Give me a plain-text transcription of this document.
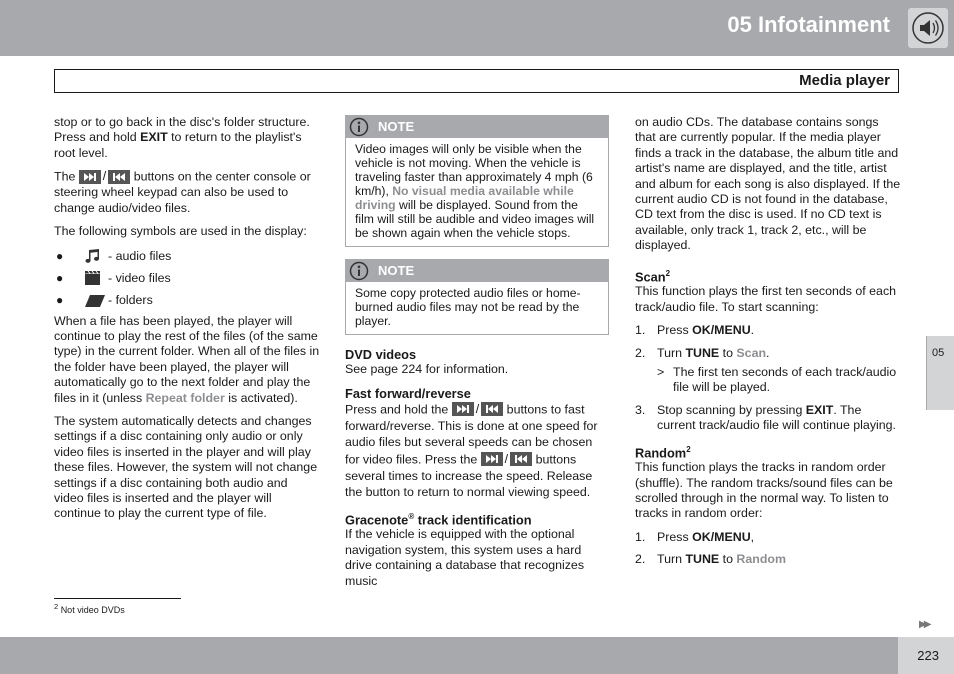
05 Infotainment
Media player

stop or to go back in the disc's folder structure. Press and hold EXIT to return to the playlist's root level.

The / buttons on the center console or steering wheel keypad can also be used to change audio/video files.

The following symbols are used in the display:

●	- audio files
●	- video files
●	- folders

When a file has been played, the player will continue to play the rest of the files (of the same type) in the current folder. When all of the files in the folder have been played, the player will automatically go to the next folder and play the files in it (unless Repeat folder is activated).

The system automatically detects and changes settings if a disc containing only audio or only video files is inserted in the player and will play these files. However, the system will not change settings if a disc containing both audio and video files is inserted and the player will continue to play the current type of file.

NOTE
Video images will only be visible when the vehicle is not moving. When the vehicle is traveling faster than approximately 4 mph (6 km/h), No visual media available while driving will be displayed. Sound from the film will still be audible and video images will be shown again when the vehicle stops.
NOTE
Some copy protected audio files or home-burned audio files may not be read by the player.
DVD videos

See page 224 for information.

Fast forward/reverse

Press and hold the / buttons to fast forward/reverse. This is done at one speed for audio files but several speeds can be chosen for video files. Press the / buttons several times to increase the speed. Release the button to return to normal viewing speed.

Gracenote® track identification

If the vehicle is equipped with the optional navigation system, this system uses a hard drive containing a database that recognizes music

on audio CDs. The database contains songs that are currently popular. If the media player finds a track in the database, the album title and artist's name are displayed, and the title, artist and album for each song is also displayed. If the current audio CD is not found in the database, CD text from the disc is used. If no CD text is available, only track 1, track 2, etc., will be displayed.

Scan$^2$

This function plays the first ten seconds of each track/audio file. To start scanning:

1. Press OK/MENU.
2. Turn TUNE to Scan.
> The first ten seconds of each track/audio file will be played.
3. Stop scanning by pressing EXIT. The current track/audio file will continue playing.
Random$^2$

This function plays the tracks in random order (shuffle). The random tracks/sound files can be scrolled through in the normal way. To listen to tracks in random order:

1. Press OK/MENU,
2. Turn TUNE to Random
$^2$ Not video DVDs
05
▶▶
223
